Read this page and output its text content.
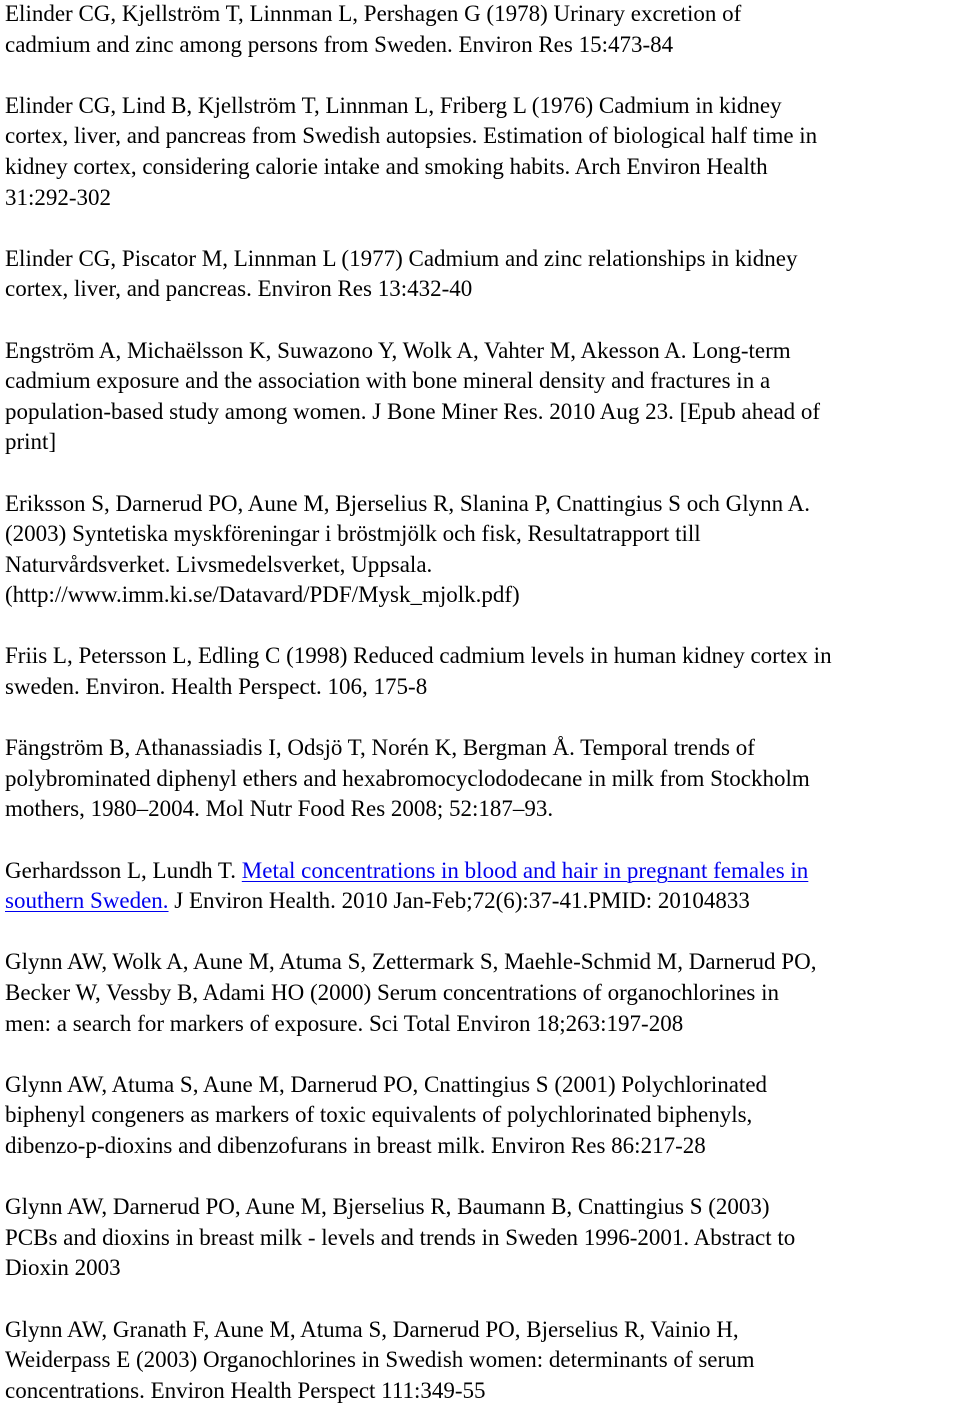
Elinder CG, Kjellström T, Linnman L, Pershagen G (1978) Urinary excretion of
cadmium and zinc among persons from Sweden. Environ Res 15:473-84

Elinder CG, Lind B, Kjellström T, Linnman L, Friberg L (1976) Cadmium in kidney
cortex, liver, and pancreas from Swedish autopsies. Estimation of biological half time in
kidney cortex, considering calorie intake and smoking habits. Arch Environ Health
31:292-302

Elinder CG, Piscator M, Linnman L (1977) Cadmium and zinc relationships in kidney
cortex, liver, and pancreas. Environ Res 13:432-40

Engström A, Michaëlsson K, Suwazono Y, Wolk A, Vahter M, Akesson A. Long-term
cadmium exposure and the association with bone mineral density and fractures in a
population-based study among women. J Bone Miner Res. 2010 Aug 23. [Epub ahead of
print]

Eriksson S, Darnerud PO, Aune M, Bjerselius R, Slanina P, Cnattingius S och Glynn A.
(2003) Syntetiska myskföreningar i bröstmjölk och fisk, Resultatrapport till
Naturvårdsverket. Livsmedelsverket, Uppsala.
(http://www.imm.ki.se/Datavard/PDF/Mysk_mjolk.pdf)

Friis L, Petersson L, Edling C (1998) Reduced cadmium levels in human kidney cortex in
sweden. Environ. Health Perspect. 106, 175-8

Fängström B, Athanassiadis I, Odsjö T, Norén K, Bergman Å. Temporal trends of
polybrominated diphenyl ethers and hexabromocyclododecane in milk from Stockholm
mothers, 1980–2004. Mol Nutr Food Res 2008; 52:187–93.

Gerhardsson L, Lundh T. Metal concentrations in blood and hair in pregnant females in
southern Sweden. J Environ Health. 2010 Jan-Feb;72(6):37-41.PMID: 20104833

Glynn AW, Wolk A, Aune M, Atuma S, Zettermark S, Maehle-Schmid M, Darnerud PO,
Becker W, Vessby B, Adami HO (2000) Serum concentrations of organochlorines in
men: a search for markers of exposure. Sci Total Environ 18;263:197-208

Glynn AW, Atuma S, Aune M, Darnerud PO, Cnattingius S (2001) Polychlorinated
biphenyl congeners as markers of toxic equivalents of polychlorinated biphenyls,
dibenzo-p-dioxins and dibenzofurans in breast milk. Environ Res 86:217-28

Glynn AW, Darnerud PO, Aune M, Bjerselius R, Baumann B, Cnattingius S (2003)
PCBs and dioxins in breast milk - levels and trends in Sweden 1996-2001. Abstract to
Dioxin 2003

Glynn AW, Granath F, Aune M, Atuma S, Darnerud PO, Bjerselius R, Vainio H,
Weiderpass E (2003) Organochlorines in Swedish women: determinants of serum
concentrations. Environ Health Perspect 111:349-55
